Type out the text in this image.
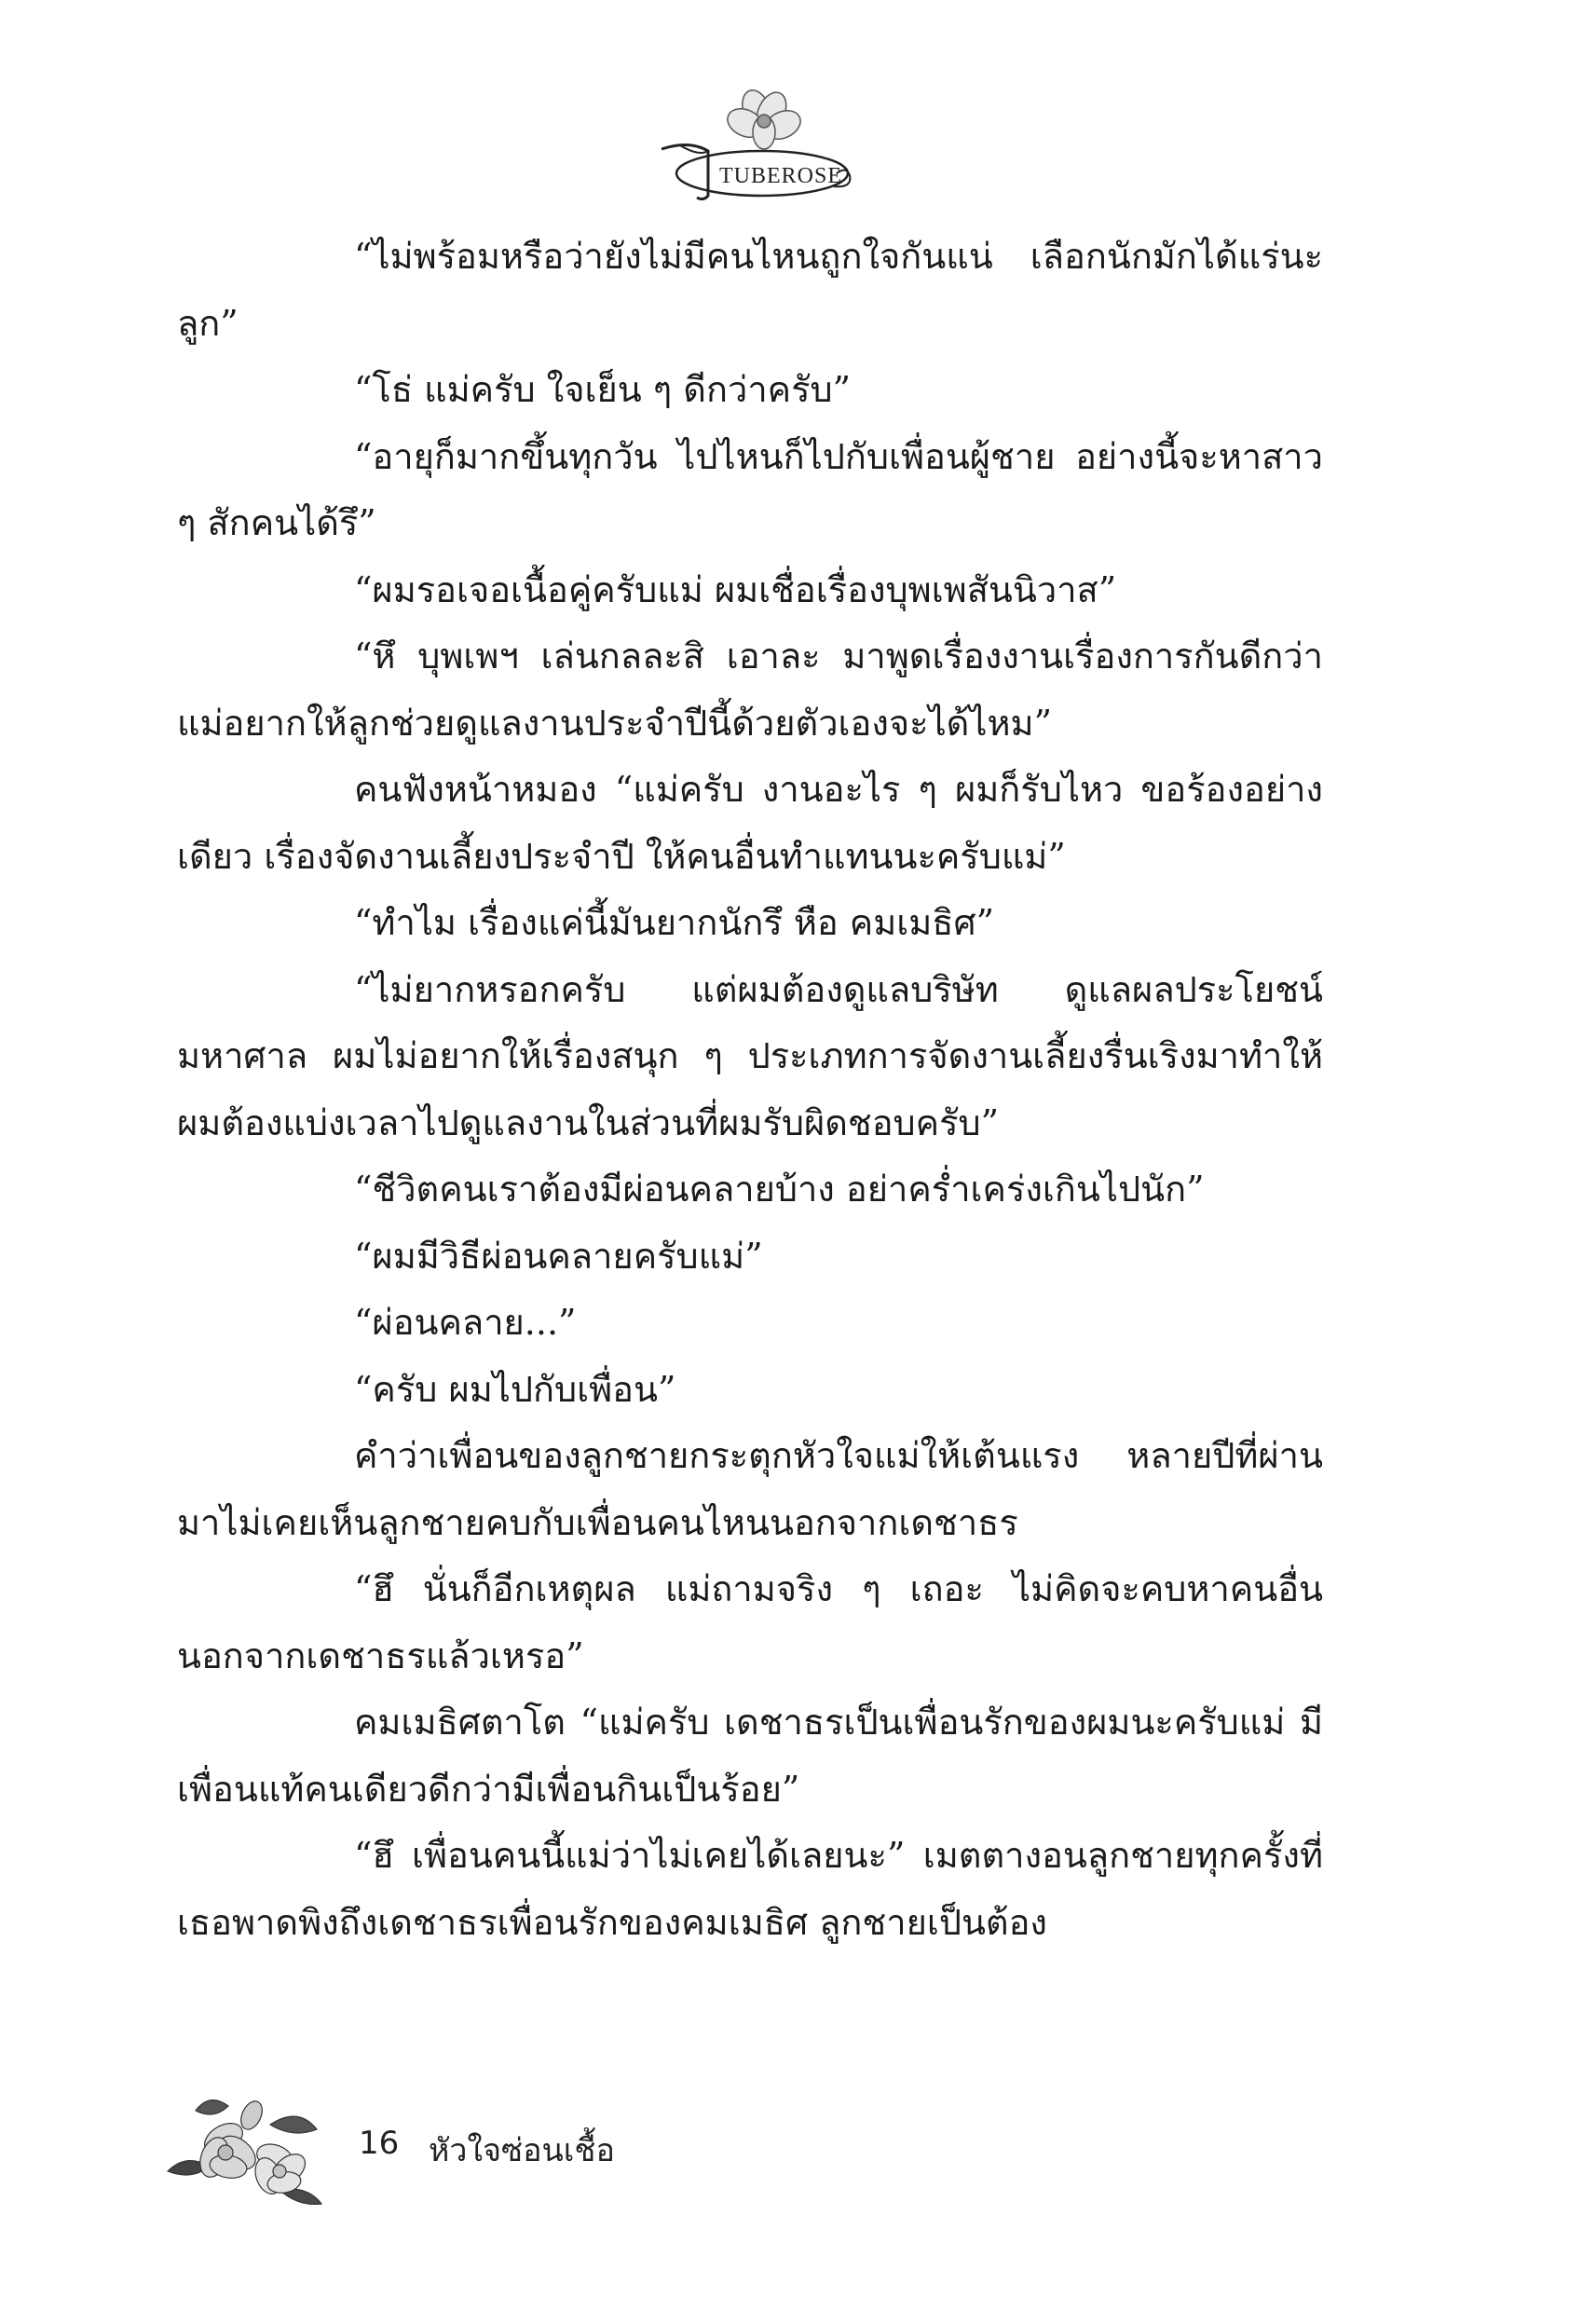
TUBEROSE

“ไม่พร้อมหรือว่ายังไม่มีคนไหนถูกใจกันแน่ เลือกนักมักได้แร่นะลูก”

“โธ่ แม่ครับ ใจเย็น ๆ ดีกว่าครับ”

“อายุก็มากขึ้นทุกวัน ไปไหนก็ไปกับเพื่อนผู้ชาย อย่างนี้จะหาสาว ๆ สักคนได้รึ”

“ผมรอเจอเนื้อคู่ครับแม่ ผมเชื่อเรื่องบุพเพสันนิวาส”

“หึ บุพเพฯ เล่นกลละสิ เอาละ มาพูดเรื่องงานเรื่องการกันดีกว่า แม่อยากให้ลูกช่วยดูแลงานประจำปีนี้ด้วยตัวเองจะได้ไหม”

คนฟังหน้าหมอง “แม่ครับ งานอะไร ๆ ผมก็รับไหว ขอร้องอย่างเดียว เรื่องจัดงานเลี้ยงประจำปี ให้คนอื่นทำแทนนะครับแม่”

“ทำไม เรื่องแค่นี้มันยากนักรึ หือ คมเมธิศ”

“ไม่ยากหรอกครับ แต่ผมต้องดูแลบริษัท ดูแลผลประโยชน์มหาศาล ผมไม่อยากให้เรื่องสนุก ๆ ประเภทการจัดงานเลี้ยงรื่นเริงมาทำให้ผมต้องแบ่งเวลาไปดูแลงานในส่วนที่ผมรับผิดชอบครับ”

“ชีวิตคนเราต้องมีผ่อนคลายบ้าง อย่าคร่ำเคร่งเกินไปนัก”

“ผมมีวิธีผ่อนคลายครับแม่”

“ผ่อนคลาย...”

“ครับ ผมไปกับเพื่อน”

คำว่าเพื่อนของลูกชายกระตุกหัวใจแม่ให้เต้นแรง หลายปีที่ผ่านมาไม่เคยเห็นลูกชายคบกับเพื่อนคนไหนนอกจากเดชาธร

“ฮึ นั่นก็อีกเหตุผล แม่ถามจริง ๆ เถอะ ไม่คิดจะคบหาคนอื่นนอกจากเดชาธรแล้วเหรอ”

คมเมธิศตาโต “แม่ครับ เดชาธรเป็นเพื่อนรักของผมนะครับแม่ มีเพื่อนแท้คนเดียวดีกว่ามีเพื่อนกินเป็นร้อย”

“ฮึ เพื่อนคนนี้แม่ว่าไม่เคยได้เลยนะ” เมตตางอนลูกชายทุกครั้งที่เธอพาดพิงถึงเดชาธรเพื่อนรักของคมเมธิศ ลูกชายเป็นต้อง

16 หัวใจซ่อนเชื้อ
